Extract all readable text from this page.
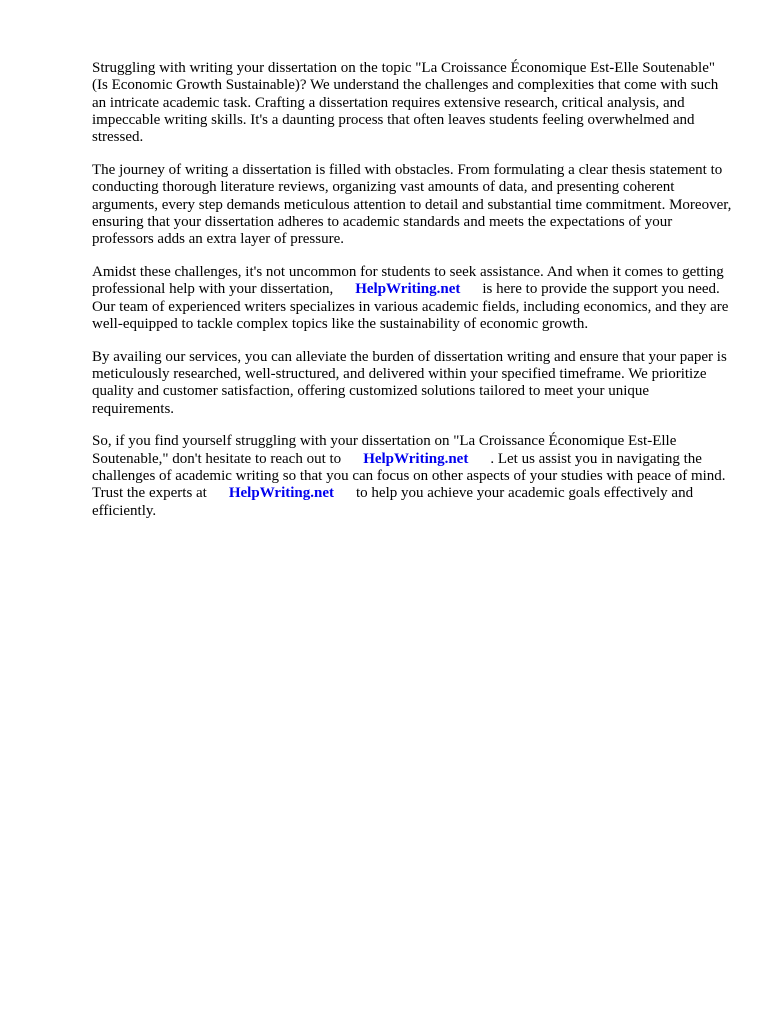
Struggling with writing your dissertation on the topic "La Croissance Économique Est-Elle Soutenable" (Is Economic Growth Sustainable)? We understand the challenges and complexities that come with such an intricate academic task. Crafting a dissertation requires extensive research, critical analysis, and impeccable writing skills. It's a daunting process that often leaves students feeling overwhelmed and stressed.

The journey of writing a dissertation is filled with obstacles. From formulating a clear thesis statement to conducting thorough literature reviews, organizing vast amounts of data, and presenting coherent arguments, every step demands meticulous attention to detail and substantial time commitment. Moreover, ensuring that your dissertation adheres to academic standards and meets the expectations of your professors adds an extra layer of pressure.

Amidst these challenges, it's not uncommon for students to seek assistance. And when it comes to getting professional help with your dissertation, HelpWriting.net is here to provide the support you need. Our team of experienced writers specializes in various academic fields, including economics, and they are well-equipped to tackle complex topics like the sustainability of economic growth.

By availing our services, you can alleviate the burden of dissertation writing and ensure that your paper is meticulously researched, well-structured, and delivered within your specified timeframe. We prioritize quality and customer satisfaction, offering customized solutions tailored to meet your unique requirements.

So, if you find yourself struggling with your dissertation on "La Croissance Économique Est-Elle Soutenable," don't hesitate to reach out to HelpWriting.net . Let us assist you in navigating the challenges of academic writing so that you can focus on other aspects of your studies with peace of mind. Trust the experts at HelpWriting.net to help you achieve your academic goals effectively and efficiently.
